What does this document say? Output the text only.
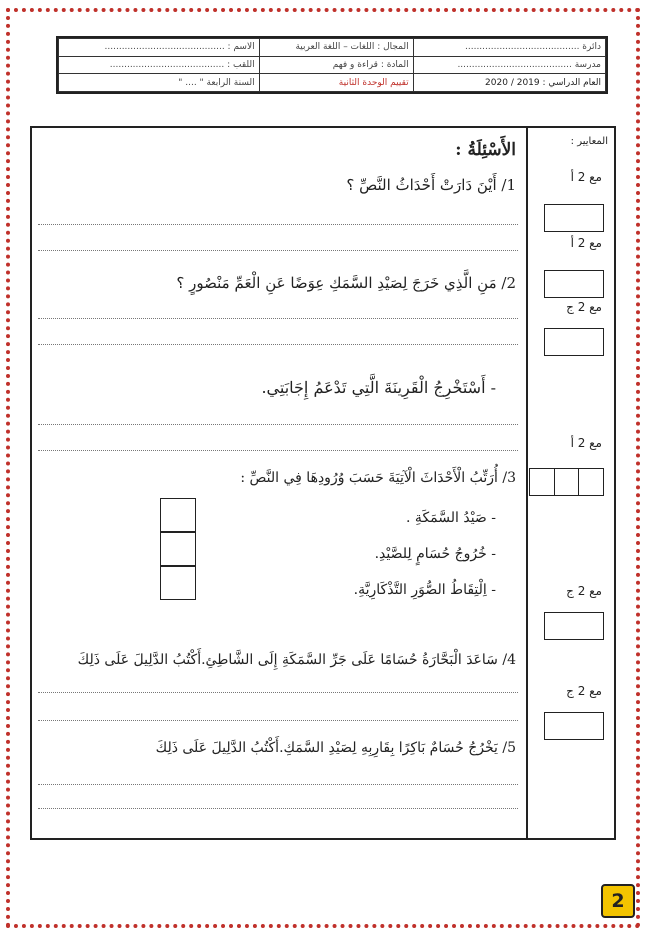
دائرة ........................................	المجال : اللغات – اللغة العربية	الاسم : ..........................................
مدرسة ........................................	المادة : قراءة و فهم	اللقب : ........................................
العام الدراسي : 2019 / 2020	تقييم الوحدة الثانية	السنة الرابعة " .... "
المعايير :
مع 2 أ
مع 2 أ
مع 2 ج
مع 2 أ
مع 2 ج
مع 2 ج
الأَسْئِلَةُ :
1/ أَيْنَ دَارَتْ أَحْدَاثُ النَّصِّ ؟
2/ مَنِ الَّذِي خَرَجَ لِصَيْدِ السَّمَكِ عِوَضًا عَنِ الْعَمِّ مَنْصُورٍ ؟
- أَسْتَخْرِجُ الْقَرِينَةَ الَّتِي تَدْعَمُ إِجَابَتِي.
3/ أُرَتِّبُ الْأَحْدَاثَ الْآتِيَةَ حَسَبَ وُرُودِهَا فِي النَّصِّ :
- صَيْدُ السَّمَكَةِ .
- خُرُوجُ حُسَامٍ لِلصَّيْدِ.
- اِلْتِقَاطُ الصُّوَرِ التَّذْكَارِيَّةِ.
4/ سَاعَدَ الْبَحَّارَةُ حُسَامًا عَلَى جَرِّ السَّمَكَةِ إِلَى الشَّاطِئِ.أَكْتُبُ الدَّلِيلَ عَلَى ذَلِكَ
5/ يَخْرُجُ حُسَامٌ بَاكِرًا بِقَارِبِهِ لِصَيْدِ السَّمَكِ.أَكْتُبُ الدَّلِيلَ عَلَى ذَلِكَ
2
